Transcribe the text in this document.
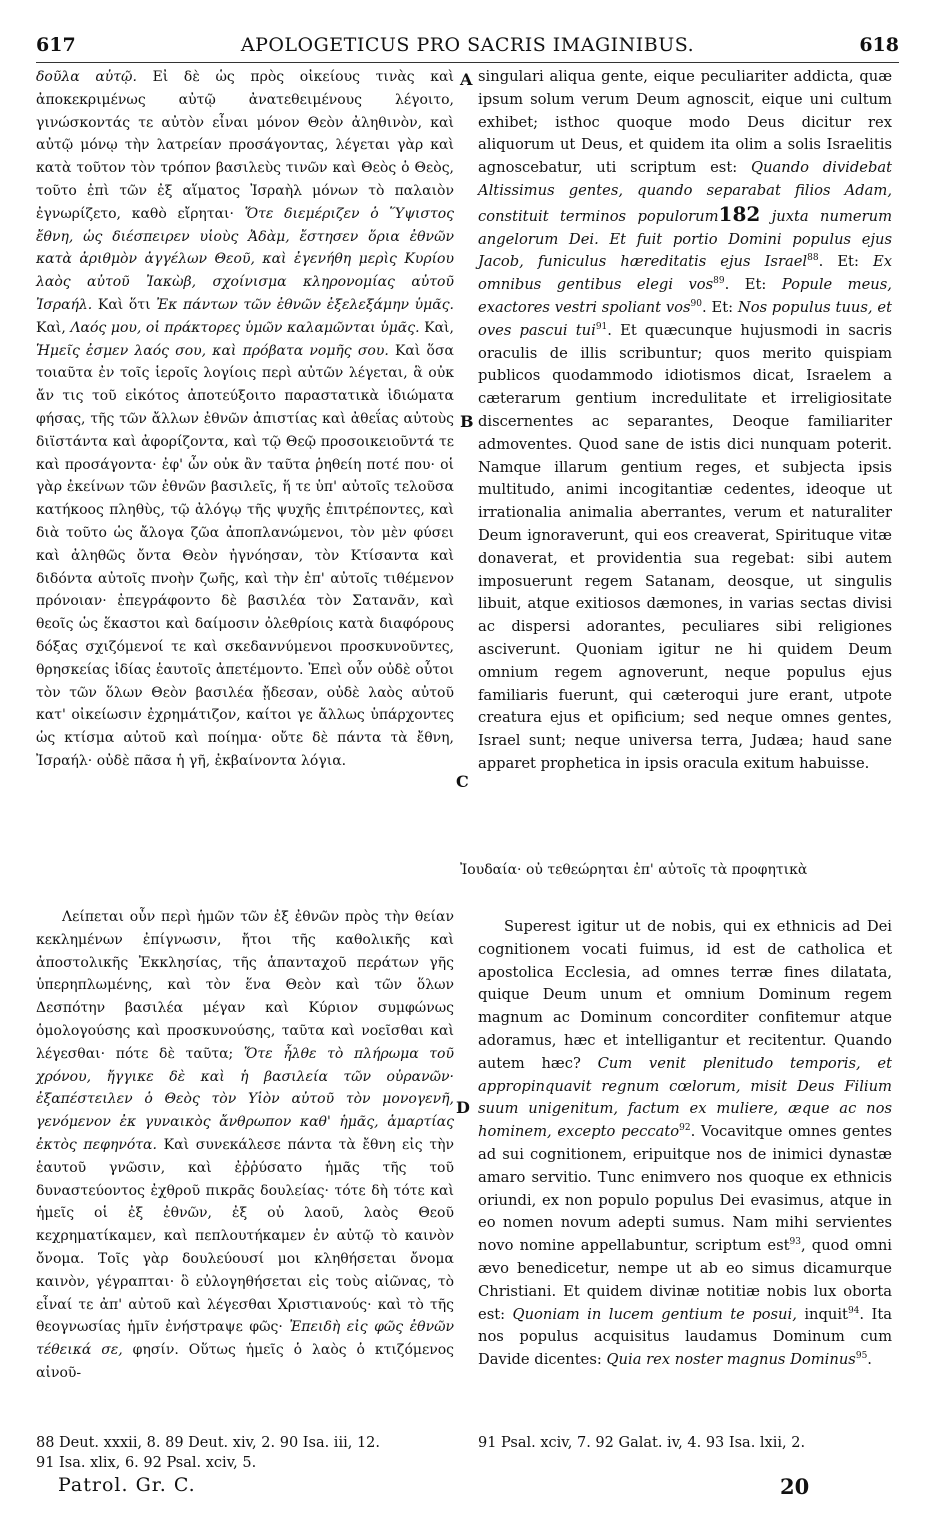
617	APOLOGETICUS PRO SACRIS IMAGINIBUS.	618

δοῦλα αὐτῷ. Εἰ δὲ ὡς πρὸς οἰκείους τινὰς καὶ ἀποκεκριμένως αὐτῷ ἀνατεθειμένους λέγοιτο, γινώσκοντάς τε αὐτὸν εἶναι μόνον Θεὸν ἀληθινὸν, καὶ αὐτῷ μόνῳ τὴν λατρείαν προσάγοντας, λέγεται γὰρ καὶ κατὰ τοῦτον τὸν τρόπον βασιλεὺς τινῶν καὶ Θεὸς ὁ Θεὸς, τοῦτο ἐπὶ τῶν ἐξ αἵματος Ἰσραὴλ μόνων τὸ παλαιὸν ἐγνωρίζετο, καθὸ εἴρηται· Ὅτε διεμέριζεν ὁ Ὕψιστος ἔθνη, ὡς διέσπειρεν υἱοὺς Ἀδὰμ, ἔστησεν ὅρια ἐθνῶν κατὰ ἀριθμὸν ἀγγέλων Θεοῦ, καὶ ἐγενήθη μερὶς Κυρίου λαὸς αὐτοῦ Ἰακὼβ, σχοίνισμα κληρονομίας αὐτοῦ Ἰσραήλ. Καὶ ὅτι Ἐκ πάντων τῶν ἐθνῶν ἐξελεξάμην ὑμᾶς. Καὶ, Λαός μου, οἱ πράκτορες ὑμῶν καλαμῶνται ὑμᾶς. Καὶ, Ἡμεῖς ἐσμεν λαός σου, καὶ πρόβατα νομῆς σου. Καὶ ὅσα τοιαῦτα ἐν τοῖς ἱεροῖς λογίοις περὶ αὐτῶν λέγεται, ἃ οὐκ ἄν τις τοῦ εἰκότος ἀποτεύξοιτο παραστατικὰ ἰδιώματα φήσας, τῆς τῶν ἄλλων ἐθνῶν ἀπιστίας καὶ ἀθεΐας αὐτοὺς διϊστάντα καὶ ἀφορίζοντα, καὶ τῷ Θεῷ προσοικειοῦντά τε καὶ προσάγοντα· ἐφ' ὧν οὐκ ἂν ταῦτα ῥηθείη ποτέ που· οἱ γὰρ ἐκείνων τῶν ἐθνῶν βασιλεῖς, ἥ τε ὑπ' αὐτοῖς τελοῦσα κατήκοος πληθὺς, τῷ ἀλόγῳ τῆς ψυχῆς ἐπιτρέποντες, καὶ διὰ τοῦτο ὡς ἄλογα ζῶα ἀποπλανώμενοι, τὸν μὲν φύσει καὶ ἀληθῶς ὄντα Θεὸν ἠγνόησαν, τὸν Κτίσαντα καὶ διδόντα αὐτοῖς πνοὴν ζωῆς, καὶ τὴν ἐπ' αὐτοῖς τιθέμενον πρόνοιαν· ἐπεγράφοντο δὲ βασιλέα τὸν Σατανᾶν, καὶ θεοῖς ὡς ἕκαστοι καὶ δαίμοσιν ὀλεθρίοις κατὰ διαφόρους δόξας σχιζόμενοί τε καὶ σκεδαννύμενοι προσκυνοῦντες, θρησκείας ἰδίας ἑαυτοῖς ἀπετέμοντο. Ἐπεὶ οὖν οὐδὲ οὗτοι τὸν τῶν ὅλων Θεὸν βασιλέα ᾔδεσαν, οὐδὲ λαὸς αὐτοῦ κατ' οἰκείωσιν ἐχρημάτιζον, καίτοι γε ἄλλως ὑπάρχοντες ὡς κτίσμα αὐτοῦ καὶ ποίημα· οὔτε δὲ πάντα τὰ ἔθνη, Ἰσραήλ· οὐδὲ πᾶσα ἡ γῆ, ἐκβαίνοντα λόγια.

singulari aliqua gente, eique peculiariter addicta, quæ ipsum solum verum Deum agnoscit, eique uni cultum exhibet; isthoc quoque modo Deus dicitur rex aliquorum ut Deus, et quidem ita olim a solis Israelitis agnoscebatur, uti scriptum est: Quando dividebat Altissimus gentes, quando separabat filios Adam, constituit terminos populorum182 juxta numerum angelorum Dei. Et fuit portio Domini populus ejus Jacob, funiculus hæreditatis ejus Israel$^{88}$. Et: Ex omnibus gentibus elegi vos$^{89}$. Et: Popule meus, exactores vestri spoliant vos$^{90}$. Et: Nos populus tuus, et oves pascui tui$^{91}$. Et quæcunque hujusmodi in sacris oraculis de illis scribuntur; quos merito quispiam publicos quodammodo idiotismos dicat, Israelem a cæterarum gentium incredulitate et irreligiositate discernentes ac separantes, Deoque familiariter admoventes. Quod sane de istis dici nunquam poterit. Namque illarum gentium reges, et subjecta ipsis multitudo, animi incogitantiæ cedentes, ideoque ut irrationalia animalia aberrantes, verum et naturaliter Deum ignoraverunt, qui eos creaverat, Spirituque vitæ donaverat, et providentia sua regebat: sibi autem imposuerunt regem Satanam, deosque, ut singulis libuit, atque exitiosos dæmones, in varias sectas divisi ac dispersi adorantes, peculiares sibi religiones asciverunt. Quoniam igitur ne hi quidem Deum omnium regem agnoverunt, neque populus ejus familiaris fuerunt, qui cæteroqui jure erant, utpote creatura ejus et opificium; sed neque omnes gentes, Israel sunt; neque universa terra, Judæa; haud sane apparet prophetica in ipsis oracula exitum habuisse.

A
B
C
D
Ἰουδαία· οὐ τεθεώρηται ἐπ' αὐτοῖς τὰ προφητικὰ

Λείπεται οὖν περὶ ἡμῶν τῶν ἐξ ἐθνῶν πρὸς τὴν θείαν κεκλημένων ἐπίγνωσιν, ἤτοι τῆς καθολικῆς καὶ ἀποστολικῆς Ἐκκλησίας, τῆς ἁπανταχοῦ περάτων γῆς ὑπερηπλωμένης, καὶ τὸν ἕνα Θεὸν καὶ τῶν ὅλων Δεσπότην βασιλέα μέγαν καὶ Κύριον συμφώνως ὁμολογούσης καὶ προσκυνούσης, ταῦτα καὶ νοεῖσθαι καὶ λέγεσθαι· πότε δὲ ταῦτα; Ὅτε ἦλθε τὸ πλήρωμα τοῦ χρόνου, ἤγγικε δὲ καὶ ἡ βασιλεία τῶν οὐρανῶν· ἐξαπέστειλεν ὁ Θεὸς τὸν Υἱὸν αὐτοῦ τὸν μονογενῆ, γενόμενον ἐκ γυναικὸς ἄνθρωπον καθ' ἡμᾶς, ἁμαρτίας ἐκτὸς πεφηνότα. Καὶ συνεκάλεσε πάντα τὰ ἔθνη εἰς τὴν ἑαυτοῦ γνῶσιν, καὶ ἐῤῥύσατο ἡμᾶς τῆς τοῦ δυναστεύοντος ἐχθροῦ πικρᾶς δουλείας· τότε δὴ τότε καὶ ἡμεῖς οἱ ἐξ ἐθνῶν, ἐξ οὐ λαοῦ, λαὸς Θεοῦ κεχρηματίκαμεν, καὶ πεπλουτήκαμεν ἐν αὐτῷ τὸ καινὸν ὄνομα. Τοῖς γὰρ δουλεύουσί μοι κληθήσεται ὄνομα καινὸν, γέγραπται· ὃ εὐλογηθήσεται εἰς τοὺς αἰῶνας, τὸ εἶναί τε ἀπ' αὐτοῦ καὶ λέγεσθαι Χριστιανούς· καὶ τὸ τῆς θεογνωσίας ἡμῖν ἐνήστραψε φῶς· Ἐπειδὴ εἰς φῶς ἐθνῶν τέθεικά σε, φησίν. Οὕτως ἡμεῖς ὁ λαὸς ὁ κτιζόμενος αἰνοῦ-

Superest igitur ut de nobis, qui ex ethnicis ad Dei cognitionem vocati fuimus, id est de catholica et apostolica Ecclesia, ad omnes terræ fines dilatata, quique Deum unum et omnium Dominum regem magnum ac Dominum concorditer confitemur atque adoramus, hæc et intelligantur et recitentur. Quando autem hæc? Cum venit plenitudo temporis, et appropinquavit regnum cœlorum, misit Deus Filium suum unigenitum, factum ex muliere, æque ac nos hominem, excepto peccato$^{92}$. Vocavitque omnes gentes ad sui cognitionem, eripuitque nos de inimici dynastæ amaro servitio. Tunc enimvero nos quoque ex ethnicis oriundi, ex non populo populus Dei evasimus, atque in eo nomen novum adepti sumus. Nam mihi servientes novo nomine appellabuntur, scriptum est$^{93}$, quod omni ævo benedicetur, nempe ut ab eo simus dicamurque Christiani. Et quidem divinæ notitiæ nobis lux oborta est: Quoniam in lucem gentium te posui, inquit$^{94}$. Ita nos populus acquisitus laudamus Dominum cum Davide dicentes: Quia rex noster magnus Dominus$^{95}$.

88 Deut. xxxii, 8. 89 Deut. xiv, 2. 90 Isa. iii, 12.
91 Isa. xlix, 6. 92 Psal. xciv, 5.
91 Psal. xciv, 7. 92 Galat. iv, 4. 93 Isa. lxii, 2.
Patrol. Gr. C.	20
